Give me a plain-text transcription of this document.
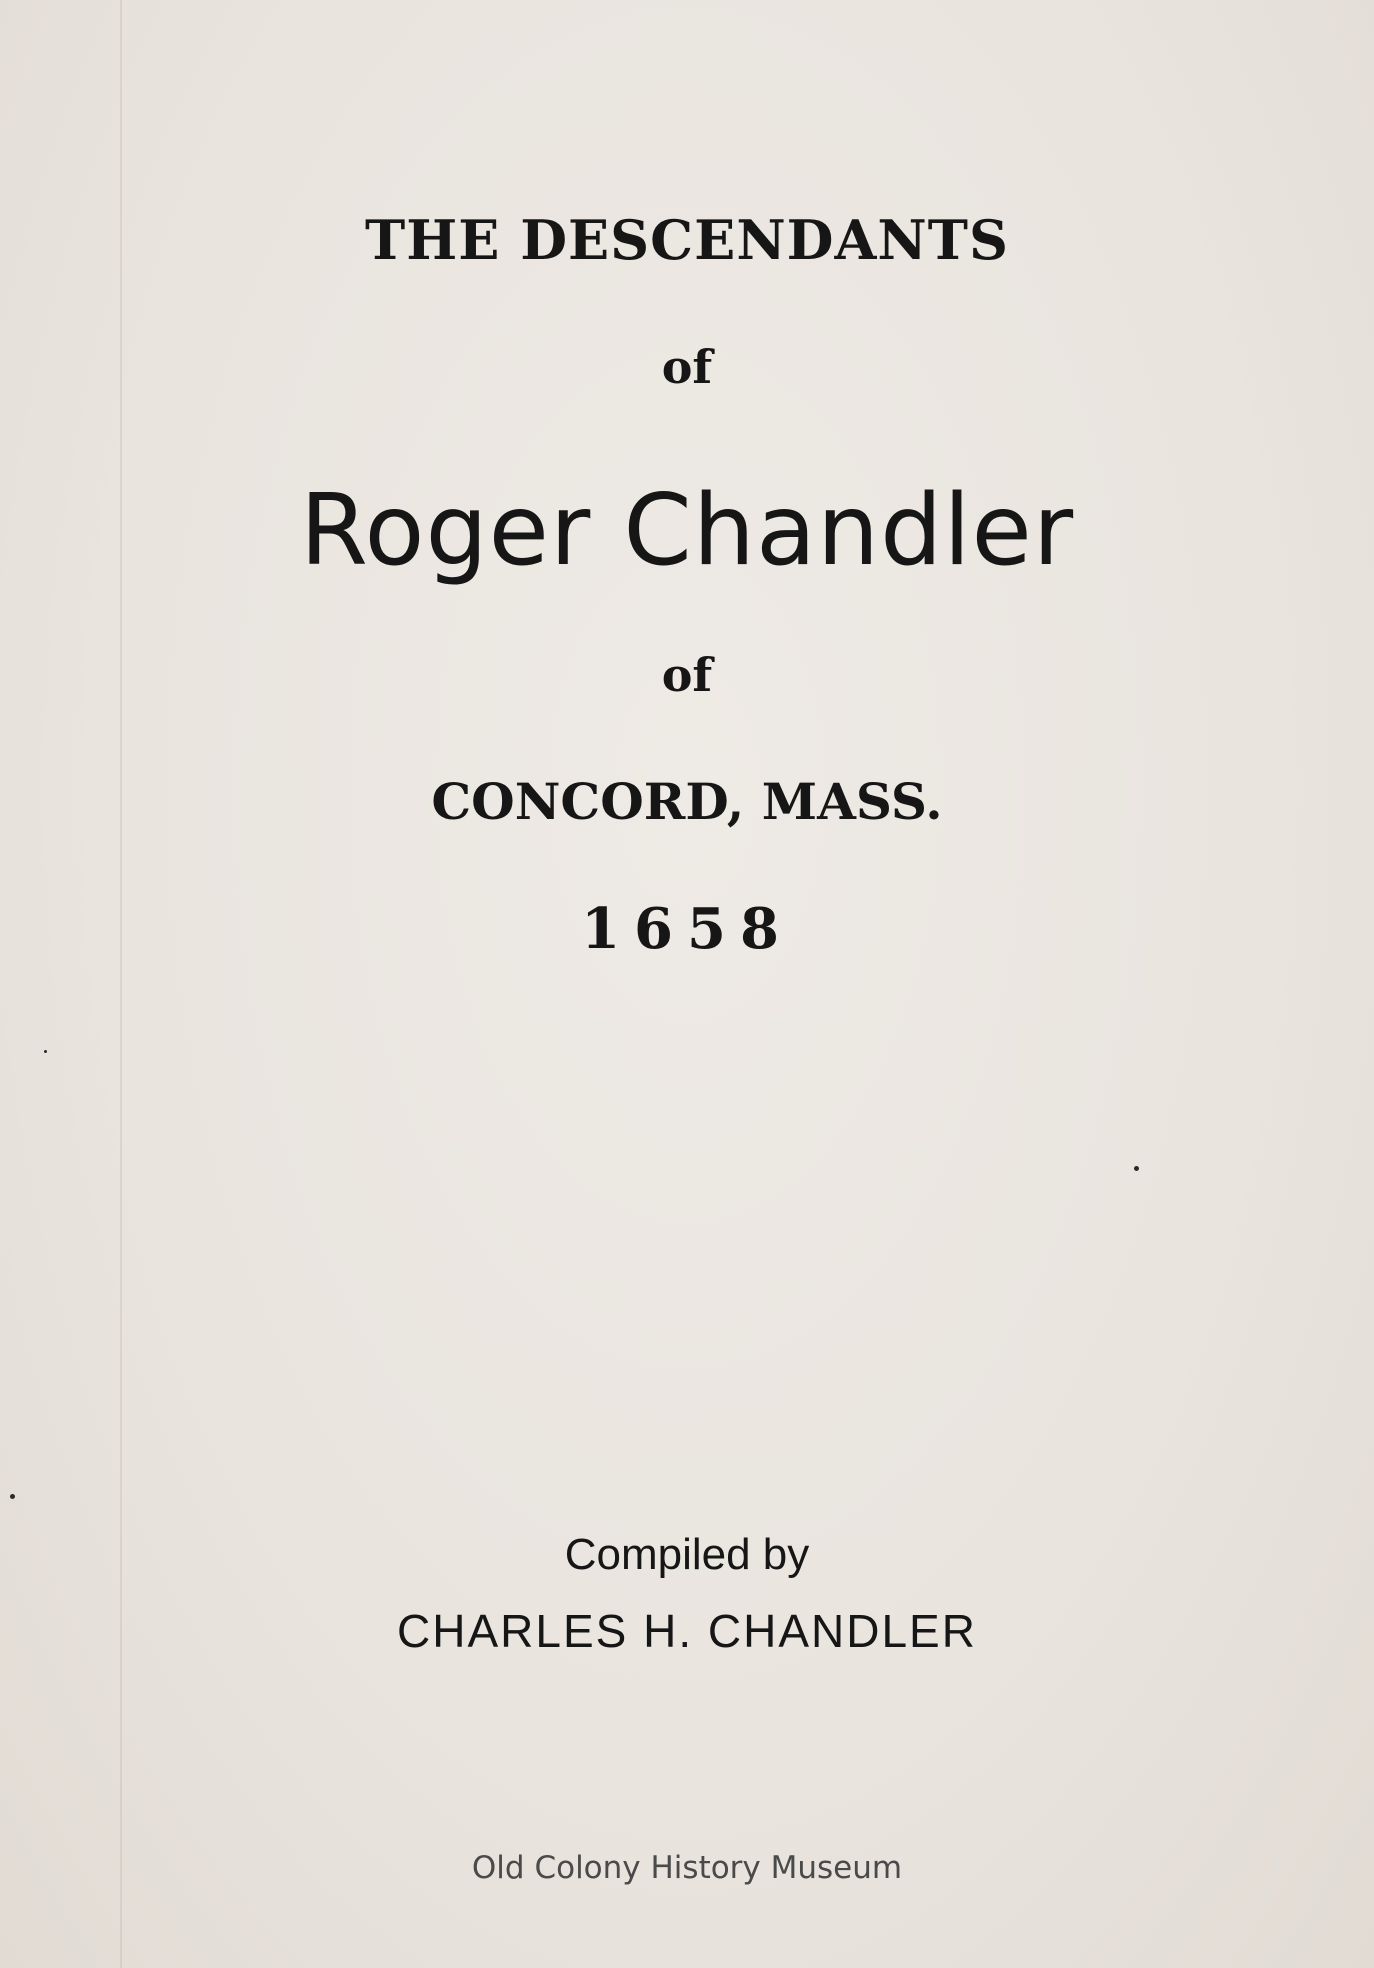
THE DESCENDANTS
of
Roger Chandler
of
CONCORD, MASS.
1658
Compiled by
CHARLES H. CHANDLER
Old Colony History Museum
